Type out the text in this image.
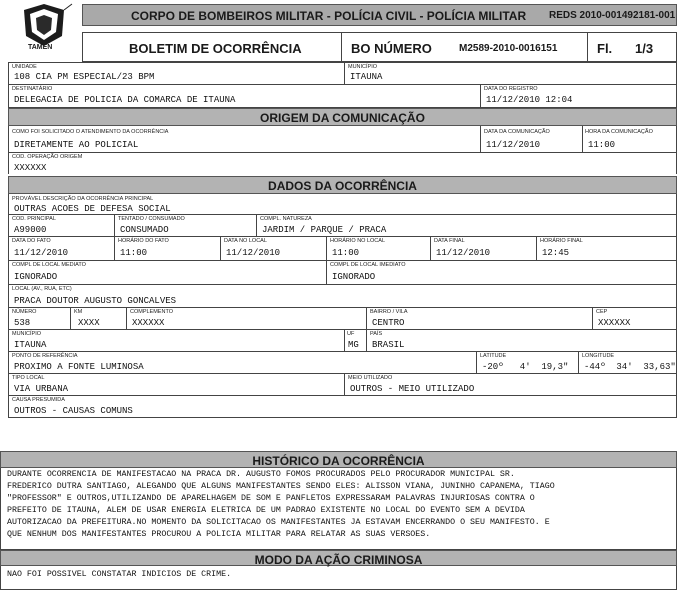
TAMEN
CORPO DE BOMBEIROS MILITAR - POLÍCIA CIVIL - POLÍCIA MILITAR REDS 2010-001492181-001
BOLETIM DE OCORRÊNCIA	BO NÚMERO	M2589-2010-0016151	Fl. 1/3
UNIDADE
108 CIA PM ESPECIAL/23 BPM
MUNICÍPIO
ITAUNA
DESTINATÁRIO
DELEGACIA DE POLICIA DA COMARCA DE ITAUNA
DATA DO REGISTRO
11/12/2010 12:04
ORIGEM DA COMUNICAÇÃO
COMO FOI SOLICITADO O ATENDIMENTO DA OCORRÊNCIA
DIRETAMENTE AO POLICIAL
DATA DA COMUNICAÇÃO
11/12/2010
HORA DA COMUNICAÇÃO
11:00
COD. OPERAÇÃO ORIGEM
XXXXXX
DADOS DA OCORRÊNCIA
PROVÁVEL DESCRIÇÃO DA OCORRÊNCIA PRINCIPAL
OUTRAS ACOES DE DEFESA SOCIAL
COD. PRINCIPAL
A99000
TENTADO / CONSUMADO
CONSUMADO
COMPL. NATUREZA
JARDIM / PARQUE / PRACA
DATA DO FATO
11/12/2010
HORÁRIO DO FATO
11:00
DATA NO LOCAL
11/12/2010
HORÁRIO NO LOCAL
11:00
DATA FINAL
11/12/2010
HORÁRIO FINAL
12:45
COMPL DE LOCAL MEDIATO
IGNORADO
COMPL DE LOCAL IMEDIATO
IGNORADO
LOCAL (AV., RUA, ETC)
PRACA DOUTOR AUGUSTO GONCALVES
NÚMERO
538
KM
XXXX
COMPLEMENTO
XXXXXX
BAIRRO / VILA
CENTRO
CEP
XXXXXX
MUNICÍPIO
ITAUNA
UF
MG
PAÍS
BRASIL
PONTO DE REFERÊNCIA
PROXIMO A FONTE LUMINOSA
LATITUDE
-20º   4'  19,3"
LONGITUDE
-44º  34'  33,63"
TIPO LOCAL
VIA URBANA
MEIO UTILIZADO
OUTROS - MEIO UTILIZADO
CAUSA PRESUMIDA
OUTROS - CAUSAS COMUNS
HISTÓRICO DA OCORRÊNCIA
DURANTE OCORRENCIA DE MANIFESTACAO NA PRACA DR. AUGUSTO FOMOS PROCURADOS PELO PROCURADOR MUNICIPAL SR.
FREDERICO DUTRA SANTIAGO, ALEGANDO QUE ALGUNS MANIFESTANTES SENDO ELES: ALISSON VIANA, JUNINHO CAPANEMA, TIAGO
"PROFESSOR" E OUTROS,UTILIZANDO DE APARELHAGEM DE SOM E PANFLETOS EXPRESSARAM PALAVRAS INJURIOSAS CONTRA O
PREFEITO DE ITAUNA, ALEM DE USAR ENERGIA ELETRICA DE UM PADRAO EXISTENTE NO LOCAL DO EVENTO SEM A DEVIDA
AUTORIZACAO DA PREFEITURA.NO MOMENTO DA SOLICITACAO OS MANIFESTANTES JA ESTAVAM ENCERRANDO O SEU MANIFESTO. E
QUE NENHUM DOS MANIFESTANTES PROCUROU A POLICIA MILITAR PARA RELATAR AS SUAS VERSOES.
MODO DA AÇÃO CRIMINOSA
NAO FOI POSSIVEL CONSTATAR INDICIOS DE CRIME.
